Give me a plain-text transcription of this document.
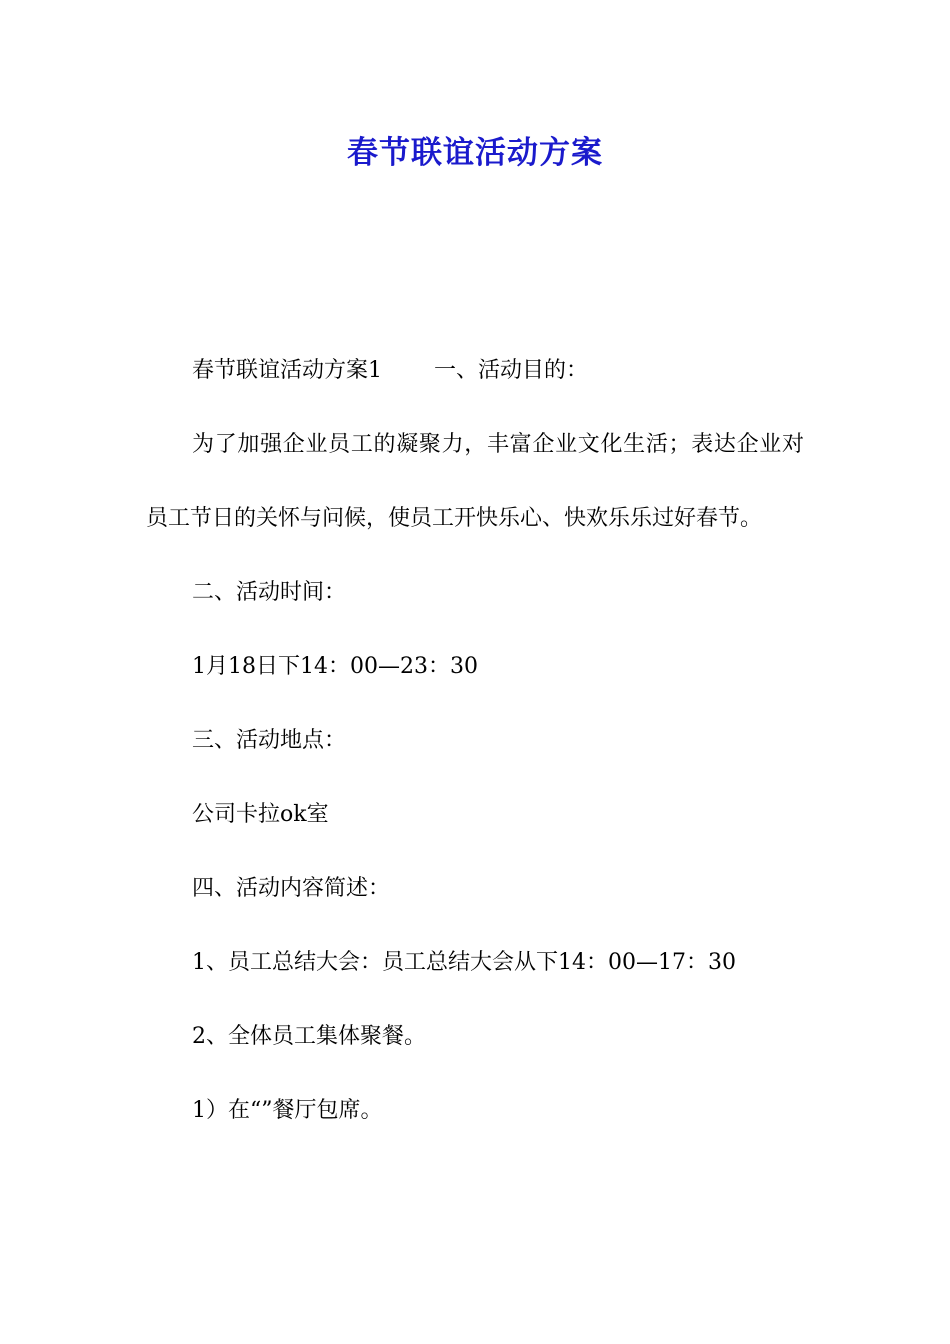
春节联谊活动方案

春节联谊活动方案1 一、活动目的：

为了加强企业员工的凝聚力，丰富企业文化生活；表达企业对员工节日的关怀与问候，使员工开快乐心、快欢乐乐过好春节。

二、活动时间：

1月18日下14：00—23：30

三、活动地点：

公司卡拉ok室

四、活动内容简述：

1、员工总结大会：员工总结大会从下14：00—17：30

2、全体员工集体聚餐。

1）在“”餐厅包席。
